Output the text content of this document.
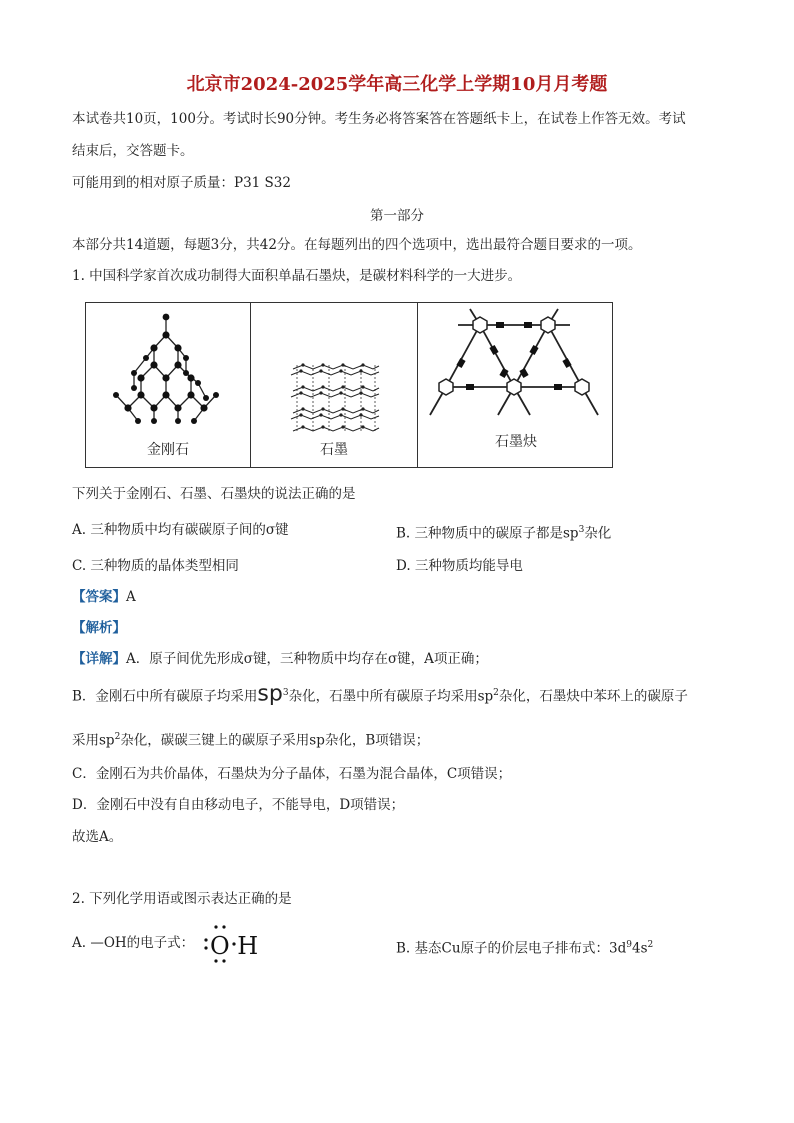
北京市2024-2025学年高三化学上学期10月月考题
本试卷共10页，100分。考试时长90分钟。考生务必将答案答在答题纸卡上，在试卷上作答无效。考试
结束后，交答题卡。
可能用到的相对原子质量：P31 S32
第一部分
本部分共14道题，每题3分，共42分。在每题列出的四个选项中，选出最符合题目要求的一项。
1. 中国科学家首次成功制得大面积单晶石墨炔，是碳材料科学的一大进步。
金刚石	石墨	石墨炔
下列关于金刚石、石墨、石墨炔的说法正确的是
A. 三种物质中均有碳碳原子间的σ键	B. 三种物质中的碳原子都是$sp^3$杂化
C. 三种物质的晶体类型相同	D. 三种物质均能导电
【答案】A
【解析】
【详解】A．原子间优先形成σ键，三种物质中均存在σ键，A项正确；
B．金刚石中所有碳原子均采用$sp^3$杂化，石墨中所有碳原子均采用$sp^2$杂化，石墨炔中苯环上的碳原子
采用$sp^2$杂化，碳碳三键上的碳原子采用sp杂化，B项错误；
C．金刚石为共价晶体，石墨炔为分子晶体，石墨为混合晶体，C项错误；
D．金刚石中没有自由移动电子，不能导电，D项错误；
故选A。
2. 下列化学用语或图示表达正确的是
A. —OH的电子式： O H	B. 基态Cu原子的价层电子排布式：$3d^94s^2$
